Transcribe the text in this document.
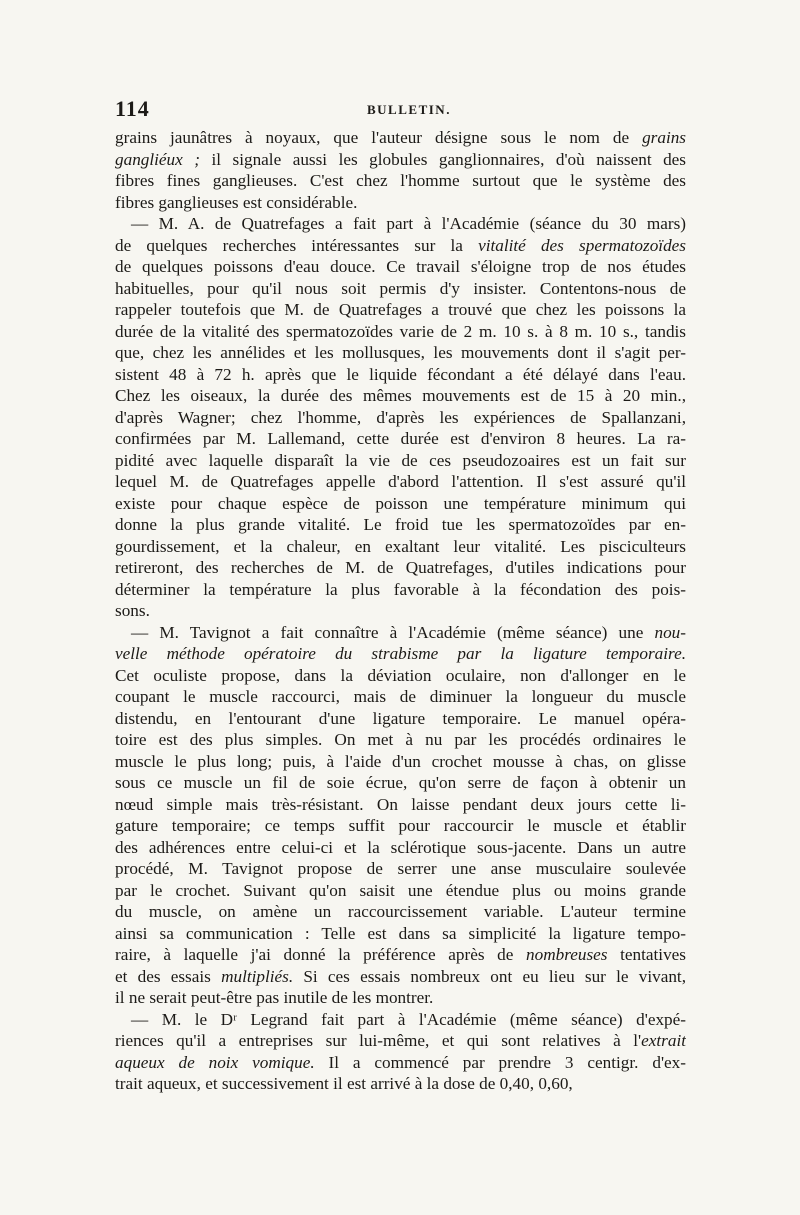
114	BULLETIN.
grains jaunâtres à noyaux, que l'auteur désigne sous le nom de grains
gangliéux ; il signale aussi les globules ganglionnaires, d'où naissent des
fibres fines ganglieuses. C'est chez l'homme surtout que le système des
fibres ganglieuses est considérable.
— M. A. de Quatrefages a fait part à l'Académie (séance du 30 mars)
de quelques recherches intéressantes sur la vitalité des spermatozoïdes
de quelques poissons d'eau douce. Ce travail s'éloigne trop de nos études
habituelles, pour qu'il nous soit permis d'y insister. Contentons-nous de
rappeler toutefois que M. de Quatrefages a trouvé que chez les poissons la
durée de la vitalité des spermatozoïdes varie de 2 m. 10 s. à 8 m. 10 s., tandis
que, chez les annélides et les mollusques, les mouvements dont il s'agit per-
sistent 48 à 72 h. après que le liquide fécondant a été délayé dans l'eau.
Chez les oiseaux, la durée des mêmes mouvements est de 15 à 20 min.,
d'après Wagner; chez l'homme, d'après les expériences de Spallanzani,
confirmées par M. Lallemand, cette durée est d'environ 8 heures. La ra-
pidité avec laquelle disparaît la vie de ces pseudozoaires est un fait sur
lequel M. de Quatrefages appelle d'abord l'attention. Il s'est assuré qu'il
existe pour chaque espèce de poisson une température minimum qui
donne la plus grande vitalité. Le froid tue les spermatozoïdes par en-
gourdissement, et la chaleur, en exaltant leur vitalité. Les pisciculteurs
retireront, des recherches de M. de Quatrefages, d'utiles indications pour
déterminer la température la plus favorable à la fécondation des pois-
sons.
— M. Tavignot a fait connaître à l'Académie (même séance) une nou-
velle méthode opératoire du strabisme par la ligature temporaire.
Cet oculiste propose, dans la déviation oculaire, non d'allonger en le
coupant le muscle raccourci, mais de diminuer la longueur du muscle
distendu, en l'entourant d'une ligature temporaire. Le manuel opéra-
toire est des plus simples. On met à nu par les procédés ordinaires le
muscle le plus long; puis, à l'aide d'un crochet mousse à chas, on glisse
sous ce muscle un fil de soie écrue, qu'on serre de façon à obtenir un
nœud simple mais très-résistant. On laisse pendant deux jours cette li-
gature temporaire; ce temps suffit pour raccourcir le muscle et établir
des adhérences entre celui-ci et la sclérotique sous-jacente. Dans un autre
procédé, M. Tavignot propose de serrer une anse musculaire soulevée
par le crochet. Suivant qu'on saisit une étendue plus ou moins grande
du muscle, on amène un raccourcissement variable. L'auteur termine
ainsi sa communication : Telle est dans sa simplicité la ligature tempo-
raire, à laquelle j'ai donné la préférence après de nombreuses tentatives
et des essais multipliés. Si ces essais nombreux ont eu lieu sur le vivant,
il ne serait peut-être pas inutile de les montrer.
— M. le Dʳ Legrand fait part à l'Académie (même séance) d'expé-
riences qu'il a entreprises sur lui-même, et qui sont relatives à l'extrait
aqueux de noix vomique. Il a commencé par prendre 3 centigr. d'ex-
trait aqueux, et successivement il est arrivé à la dose de 0,40, 0,60,
